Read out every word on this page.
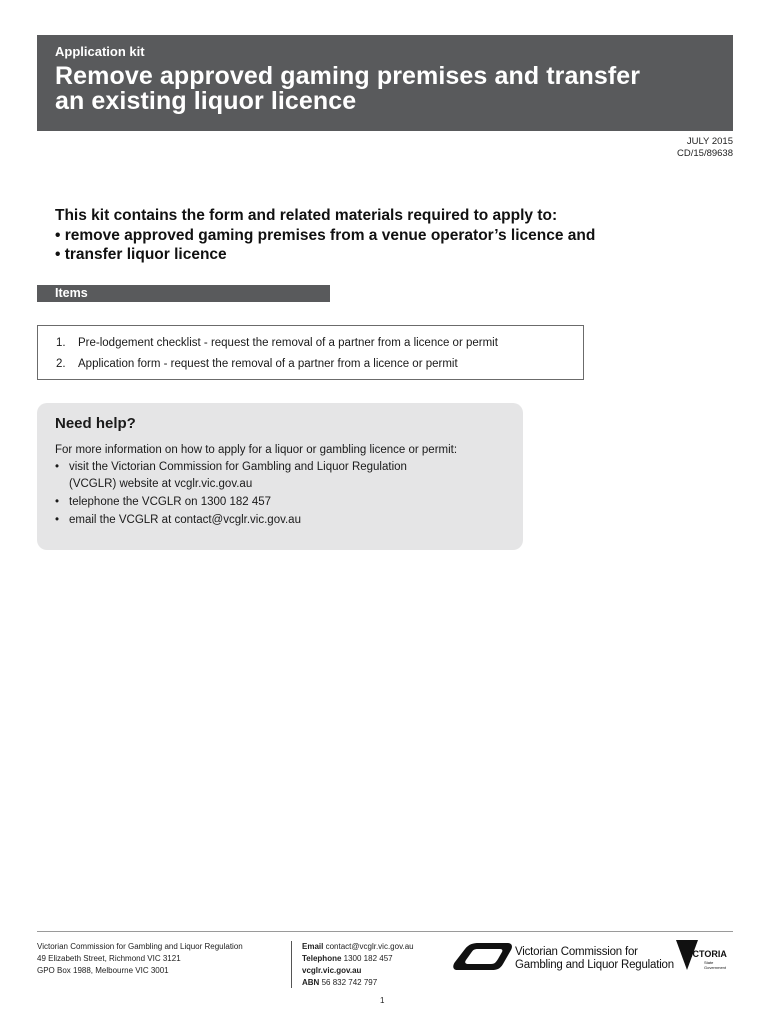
Application kit
Remove approved gaming premises and transfer
an existing liquor licence
JULY 2015
CD/15/89638
This kit contains the form and related materials required to apply to:
• remove approved gaming premises from a venue operator’s licence and
• transfer liquor licence
Items
1.	Pre-lodgement checklist - request the removal of a partner from a licence or permit
2.	Application form - request the removal of a partner from a licence or permit
Need help?
For more information on how to apply for a liquor or gambling licence or permit:
• visit the Victorian Commission for Gambling and Liquor Regulation
(VCGLR) website at vcglr.vic.gov.au
• telephone the VCGLR on 1300 182 457
• email the VCGLR at contact@vcglr.vic.gov.au
Victorian Commission for Gambling and Liquor Regulation
49 Elizabeth Street, Richmond VIC 3121
GPO Box 1988, Melbourne VIC 3001
Email contact@vcglr.vic.gov.au
Telephone 1300 182 457
vcglr.vic.gov.au
ABN 56 832 742 797
Victorian Commission for
Gambling and Liquor Regulation
VICTORIA
State
Government
1
